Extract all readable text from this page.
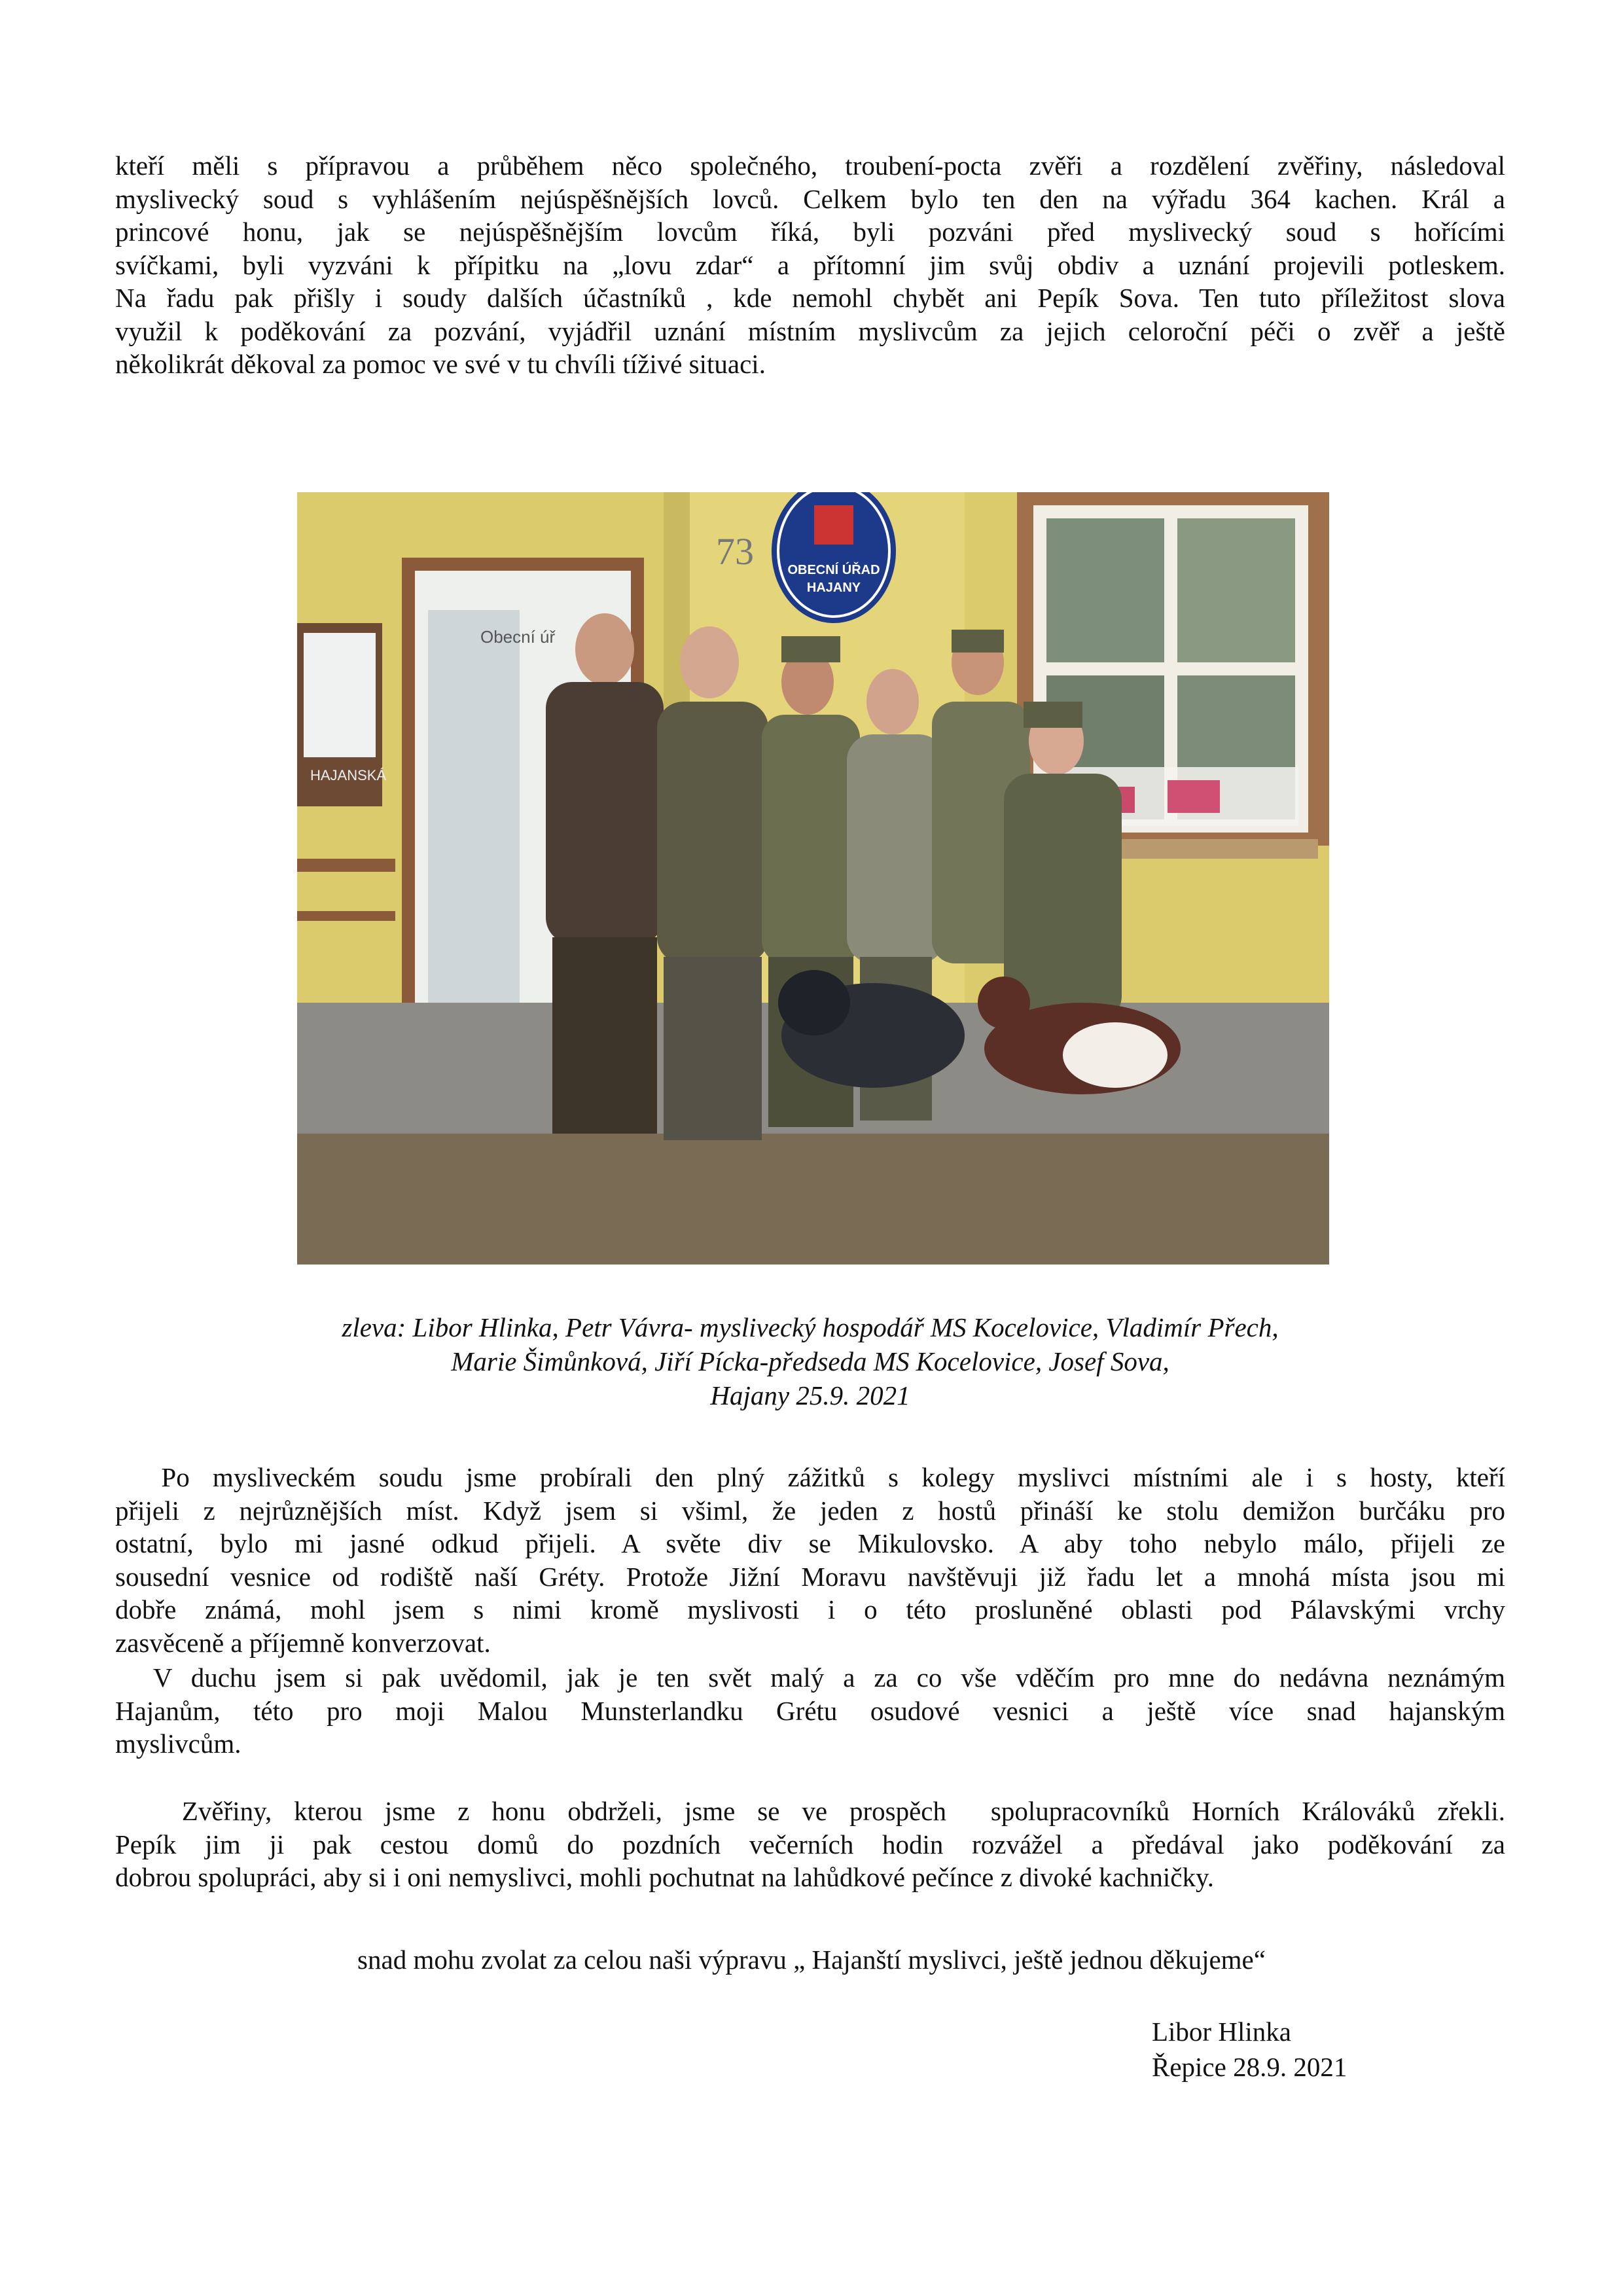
kteří měli s přípravou a průběhem něco společného, troubení-pocta zvěři a rozdělení zvěřiny, následoval
myslivecký soud s vyhlášením nejúspěšnějších lovců. Celkem bylo ten den na výřadu 364 kachen. Král a
princové honu, jak se nejúspěšnějším lovcům říká, byli pozváni před myslivecký soud s hořícími
svíčkami, byli vyzváni k přípitku na „lovu zdar“ a přítomní jim svůj obdiv a uznání projevili potleskem.
Na řadu pak přišly i soudy dalších účastníků , kde nemohl chybět ani Pepík Sova. Ten tuto příležitost slova
využil k poděkování za pozvání, vyjádřil uznání místním myslivcům za jejich celoroční péči o zvěř a ještě
několikrát děkoval za pomoc ve své v tu chvíli tíživé situaci.
Obecní úř
HAJANSKÁ
73	OBECNÍ ÚŘAD
HAJANY
zleva: Libor Hlinka, Petr Vávra- myslivecký hospodář MS Kocelovice, Vladimír Přech,
Marie Šimůnková, Jiří Pícka-předseda MS Kocelovice, Josef Sova,
Hajany 25.9. 2021
Po mysliveckém soudu jsme probírali den plný zážitků s kolegy myslivci místními ale i s hosty, kteří
přijeli z nejrůznějších míst. Když jsem si všiml, že jeden z hostů přináší ke stolu demižon burčáku pro
ostatní, bylo mi jasné odkud přijeli. A světe div se Mikulovsko. A aby toho nebylo málo, přijeli ze
sousední vesnice od rodiště naší Gréty. Protože Jižní Moravu navštěvuji již řadu let a mnohá místa jsou mi
dobře známá, mohl jsem s nimi kromě myslivosti i o této prosluněné oblasti pod Pálavskými vrchy
zasvěceně a příjemně konverzovat.
V duchu jsem si pak uvědomil, jak je ten svět malý a za co vše vděčím pro mne do nedávna neznámým
Hajanům, této pro moji Malou Munsterlandku Grétu osudové vesnici a ještě více snad hajanským
myslivcům.
Zvěřiny, kterou jsme z honu obdrželi, jsme se ve prospěch  spolupracovníků Horních Králováků zřekli.
Pepík jim ji pak cestou domů do pozdních večerních hodin rozvážel a předával jako poděkování za
dobrou spolupráci, aby si i oni nemyslivci, mohli pochutnat na lahůdkové pečínce z divoké kachničky.
snad mohu zvolat za celou naši výpravu „ Hajanští myslivci, ještě jednou děkujeme“
Libor Hlinka
Řepice 28.9. 2021
